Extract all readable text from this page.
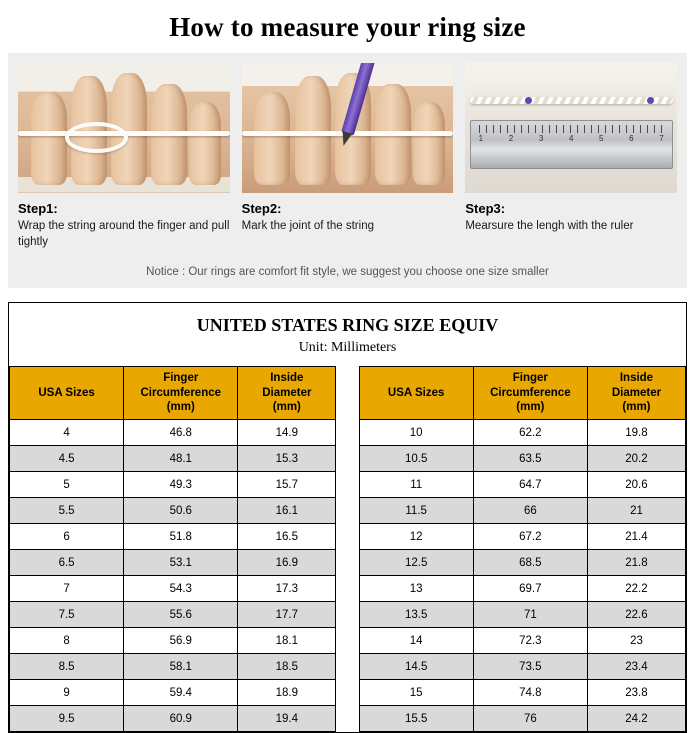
How to measure your ring size
Step1:
Wrap the string around the finger and pull tightly
Step2:
Mark the joint of the string
1	2	3	4	5	6	7
Step3:
Mearsure the lengh with the ruler
Notice : Our rings are comfort fit style, we suggest you choose one size smaller
UNITED STATES RING SIZE EQUIV
Unit: Millimeters
USA Sizes	Finger
Circumference
(mm)	Inside
Diameter
(mm)		USA Sizes	Finger
Circumference
(mm)	Inside
Diameter
(mm)
4	46.8	14.9		10	62.2	19.8
4.5	48.1	15.3		10.5	63.5	20.2
5	49.3	15.7		11	64.7	20.6
5.5	50.6	16.1		11.5	66	21
6	51.8	16.5		12	67.2	21.4
6.5	53.1	16.9		12.5	68.5	21.8
7	54.3	17.3		13	69.7	22.2
7.5	55.6	17.7		13.5	71	22.6
8	56.9	18.1		14	72.3	23
8.5	58.1	18.5		14.5	73.5	23.4
9	59.4	18.9		15	74.8	23.8
9.5	60.9	19.4		15.5	76	24.2
